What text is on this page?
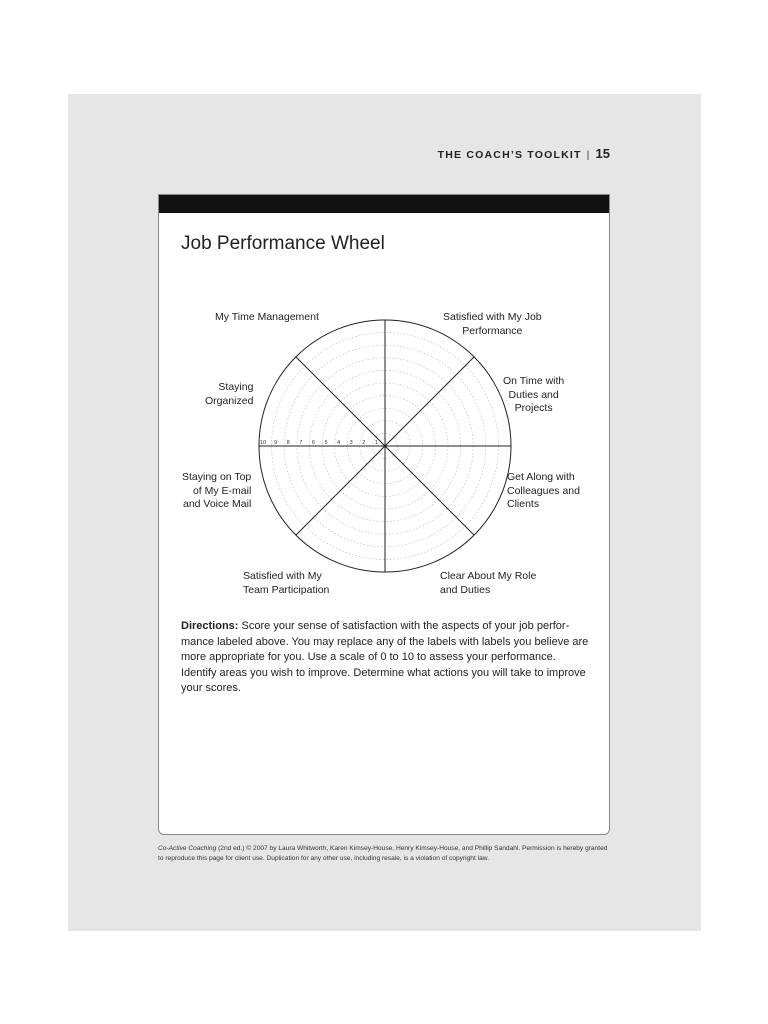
THE COACH’S TOOLKIT | 15
Job Performance Wheel
10 9 8 7 6 5 4 3 2 1
My Time Management	Satisfied with My Job
Performance
On Time with
Duties and
Projects
Staying
Organized
Get Along with
Colleagues and
Clients
Staying on Top
of My E-mail
and Voice Mail
Satisfied with My
Team Participation
Clear About My Role
and Duties

Directions: Score your sense of satisfaction with the aspects of your job perfor-mance labeled above. You may replace any of the labels with labels you believe are more appropriate for you. Use a scale of 0 to 10 to assess your performance. Identify areas you wish to improve. Determine what actions you will take to improve your scores.

Co-Active Coaching (2nd ed.) © 2007 by Laura Whitworth, Karen Kimsey-House, Henry Kimsey-House, and Phillip Sandahl. Permission is hereby granted to reproduce this page for client use. Duplication for any other use, including resale, is a violation of copyright law.
